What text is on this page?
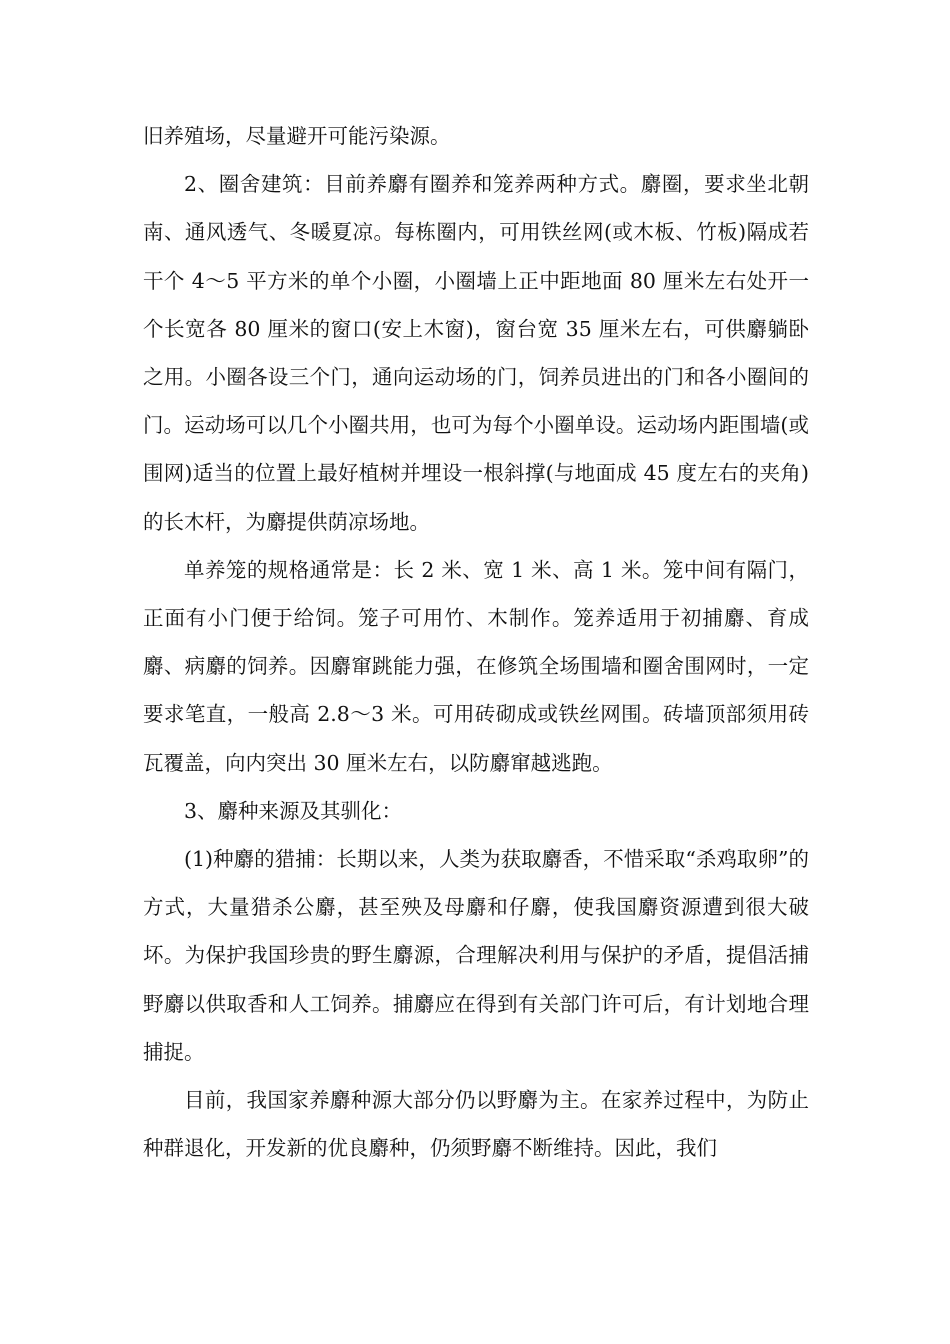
旧养殖场，尽量避开可能污染源。

2、圈舍建筑：目前养麝有圈养和笼养两种方式。麝圈，要求坐北朝南、通风透气、冬暖夏凉。每栋圈内，可用铁丝网(或木板、竹板)隔成若干个 4～5 平方米的单个小圈，小圈墙上正中距地面 80 厘米左右处开一个长宽各 80 厘米的窗口(安上木窗)，窗台宽 35 厘米左右，可供麝躺卧之用。小圈各设三个门，通向运动场的门，饲养员进出的门和各小圈间的门。运动场可以几个小圈共用，也可为每个小圈单设。运动场内距围墙(或围网)适当的位置上最好植树并埋设一根斜撑(与地面成 45 度左右的夹角)的长木杆，为麝提供荫凉场地。

单养笼的规格通常是：长 2 米、宽 1 米、高 1 米。笼中间有隔门，正面有小门便于给饲。笼子可用竹、木制作。笼养适用于初捕麝、育成麝、病麝的饲养。因麝窜跳能力强，在修筑全场围墙和圈舍围网时，一定要求笔直，一般高 2.8～3 米。可用砖砌成或铁丝网围。砖墙顶部须用砖瓦覆盖，向内突出 30 厘米左右，以防麝窜越逃跑。

3、麝种来源及其驯化：

(1)种麝的猎捕：长期以来，人类为获取麝香，不惜采取“杀鸡取卵”的方式，大量猎杀公麝，甚至殃及母麝和仔麝，使我国麝资源遭到很大破坏。为保护我国珍贵的野生麝源，合理解决利用与保护的矛盾，提倡活捕野麝以供取香和人工饲养。捕麝应在得到有关部门许可后，有计划地合理捕捉。

目前，我国家养麝种源大部分仍以野麝为主。在家养过程中，为防止种群退化，开发新的优良麝种，仍须野麝不断维持。因此，我们
